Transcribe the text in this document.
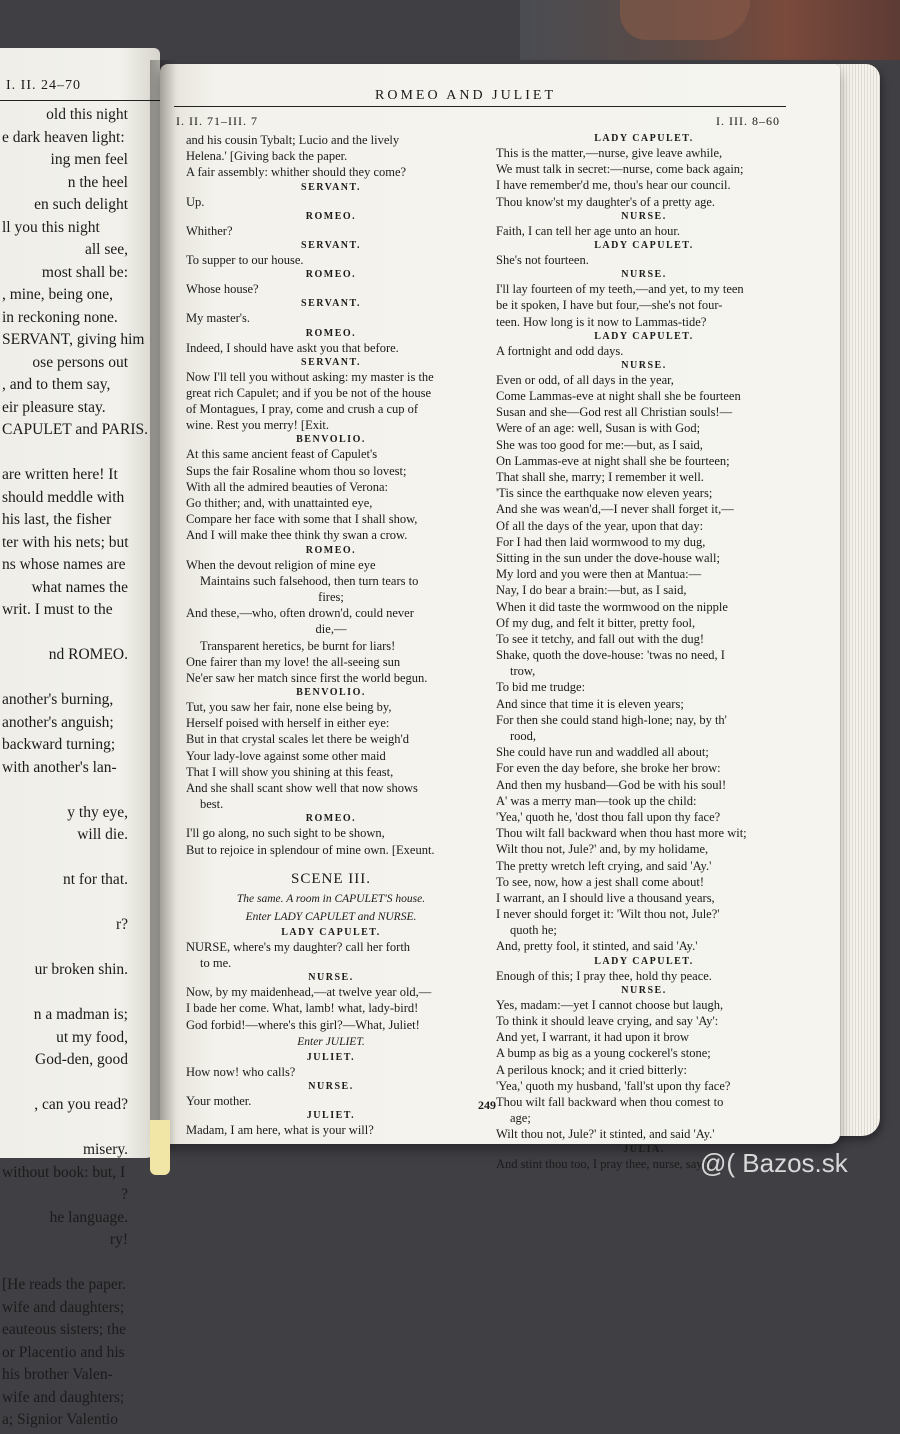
I. II. 24–70
old this night
e dark heaven light:
ing men feel
n the heel
en such delight
ll you this night
all see,
most shall be:
, mine, being one,
in reckoning none.
SERVANT, giving him
ose persons out
, and to them say,
eir pleasure stay.
CAPULET and PARIS.
are written here! It
should meddle with
his last, the fisher
ter with his nets; but
ns whose names are
what names the
writ. I must to the
nd ROMEO.
another's burning,
another's anguish;
backward turning;
with another's lan-
y thy eye,
will die.
nt for that.
r?
ur broken shin.
n a madman is;
ut my food,
God-den, good
, can you read?
misery.
without book: but, I
?
he language.
ry!
[He reads the paper.
wife and daughters;
eauteous sisters; the
or Placentio and his
his brother Valen-
wife and daughters;
a; Signior Valentio
ROMEO AND JULIET
I. II. 71–III. 7	I. III. 8–60
and his cousin Tybalt; Lucio and the lively
Helena.' [Giving back the paper.
A fair assembly: whither should they come?
SERVANT.
Up.
ROMEO.
Whither?
SERVANT.
To supper to our house.
ROMEO.
Whose house?
SERVANT.
My master's.
ROMEO.
Indeed, I should have askt you that before.
SERVANT.
Now I'll tell you without asking: my master is the
great rich Capulet; and if you be not of the house
of Montagues, I pray, come and crush a cup of
wine. Rest you merry! [Exit.
BENVOLIO.
At this same ancient feast of Capulet's
Sups the fair Rosaline whom thou so lovest;
With all the admired beauties of Verona:
Go thither; and, with unattainted eye,
Compare her face with some that I shall show,
And I will make thee think thy swan a crow.
ROMEO.
When the devout religion of mine eye
Maintains such falsehood, then turn tears to
fires;
And these,—who, often drown'd, could never
die,—
Transparent heretics, be burnt for liars!
One fairer than my love! the all-seeing sun
Ne'er saw her match since first the world begun.
BENVOLIO.
Tut, you saw her fair, none else being by,
Herself poised with herself in either eye:
But in that crystal scales let there be weigh'd
Your lady-love against some other maid
That I will show you shining at this feast,
And she shall scant show well that now shows
best.
ROMEO.
I'll go along, no such sight to be shown,
But to rejoice in splendour of mine own. [Exeunt.
SCENE III.
The same. A room in CAPULET'S house.
Enter LADY CAPULET and NURSE.
LADY CAPULET.
NURSE, where's my daughter? call her forth
to me.
NURSE.
Now, by my maidenhead,—at twelve year old,—
I bade her come. What, lamb! what, lady-bird!
God forbid!—where's this girl?—What, Juliet!
Enter JULIET.
JULIET.
How now! who calls?
NURSE.
Your mother.
JULIET.
Madam, I am here, what is your will?
LADY CAPULET.
This is the matter,—nurse, give leave awhile,
We must talk in secret:—nurse, come back again;
I have remember'd me, thou's hear our council.
Thou know'st my daughter's of a pretty age.
NURSE.
Faith, I can tell her age unto an hour.
LADY CAPULET.
She's not fourteen.
NURSE.
I'll lay fourteen of my teeth,—and yet, to my teen
be it spoken, I have but four,—she's not four-
teen. How long is it now to Lammas-tide?
LADY CAPULET.
A fortnight and odd days.
NURSE.
Even or odd, of all days in the year,
Come Lammas-eve at night shall she be fourteen
Susan and she—God rest all Christian souls!—
Were of an age: well, Susan is with God;
She was too good for me:—but, as I said,
On Lammas-eve at night shall she be fourteen;
That shall she, marry; I remember it well.
'Tis since the earthquake now eleven years;
And she was wean'd,—I never shall forget it,—
Of all the days of the year, upon that day:
For I had then laid wormwood to my dug,
Sitting in the sun under the dove-house wall;
My lord and you were then at Mantua:—
Nay, I do bear a brain:—but, as I said,
When it did taste the wormwood on the nipple
Of my dug, and felt it bitter, pretty fool,
To see it tetchy, and fall out with the dug!
Shake, quoth the dove-house: 'twas no need, I
trow,
To bid me trudge:
And since that time it is eleven years;
For then she could stand high-lone; nay, by th'
rood,
She could have run and waddled all about;
For even the day before, she broke her brow:
And then my husband—God be with his soul!
A' was a merry man—took up the child:
'Yea,' quoth he, 'dost thou fall upon thy face?
Thou wilt fall backward when thou hast more wit;
Wilt thou not, Jule?' and, by my holidame,
The pretty wretch left crying, and said 'Ay.'
To see, now, how a jest shall come about!
I warrant, an I should live a thousand years,
I never should forget it: 'Wilt thou not, Jule?'
quoth he;
And, pretty fool, it stinted, and said 'Ay.'
LADY CAPULET.
Enough of this; I pray thee, hold thy peace.
NURSE.
Yes, madam:—yet I cannot choose but laugh,
To think it should leave crying, and say 'Ay':
And yet, I warrant, it had upon it brow
A bump as big as a young cockerel's stone;
A perilous knock; and it cried bitterly:
'Yea,' quoth my husband, 'fall'st upon thy face?
Thou wilt fall backward when thou comest to
age;
Wilt thou not, Jule?' it stinted, and said 'Ay.'
JULIA.
And stint thou too, I pray thee, nurse, say I.
249
@( Bazos.sk
